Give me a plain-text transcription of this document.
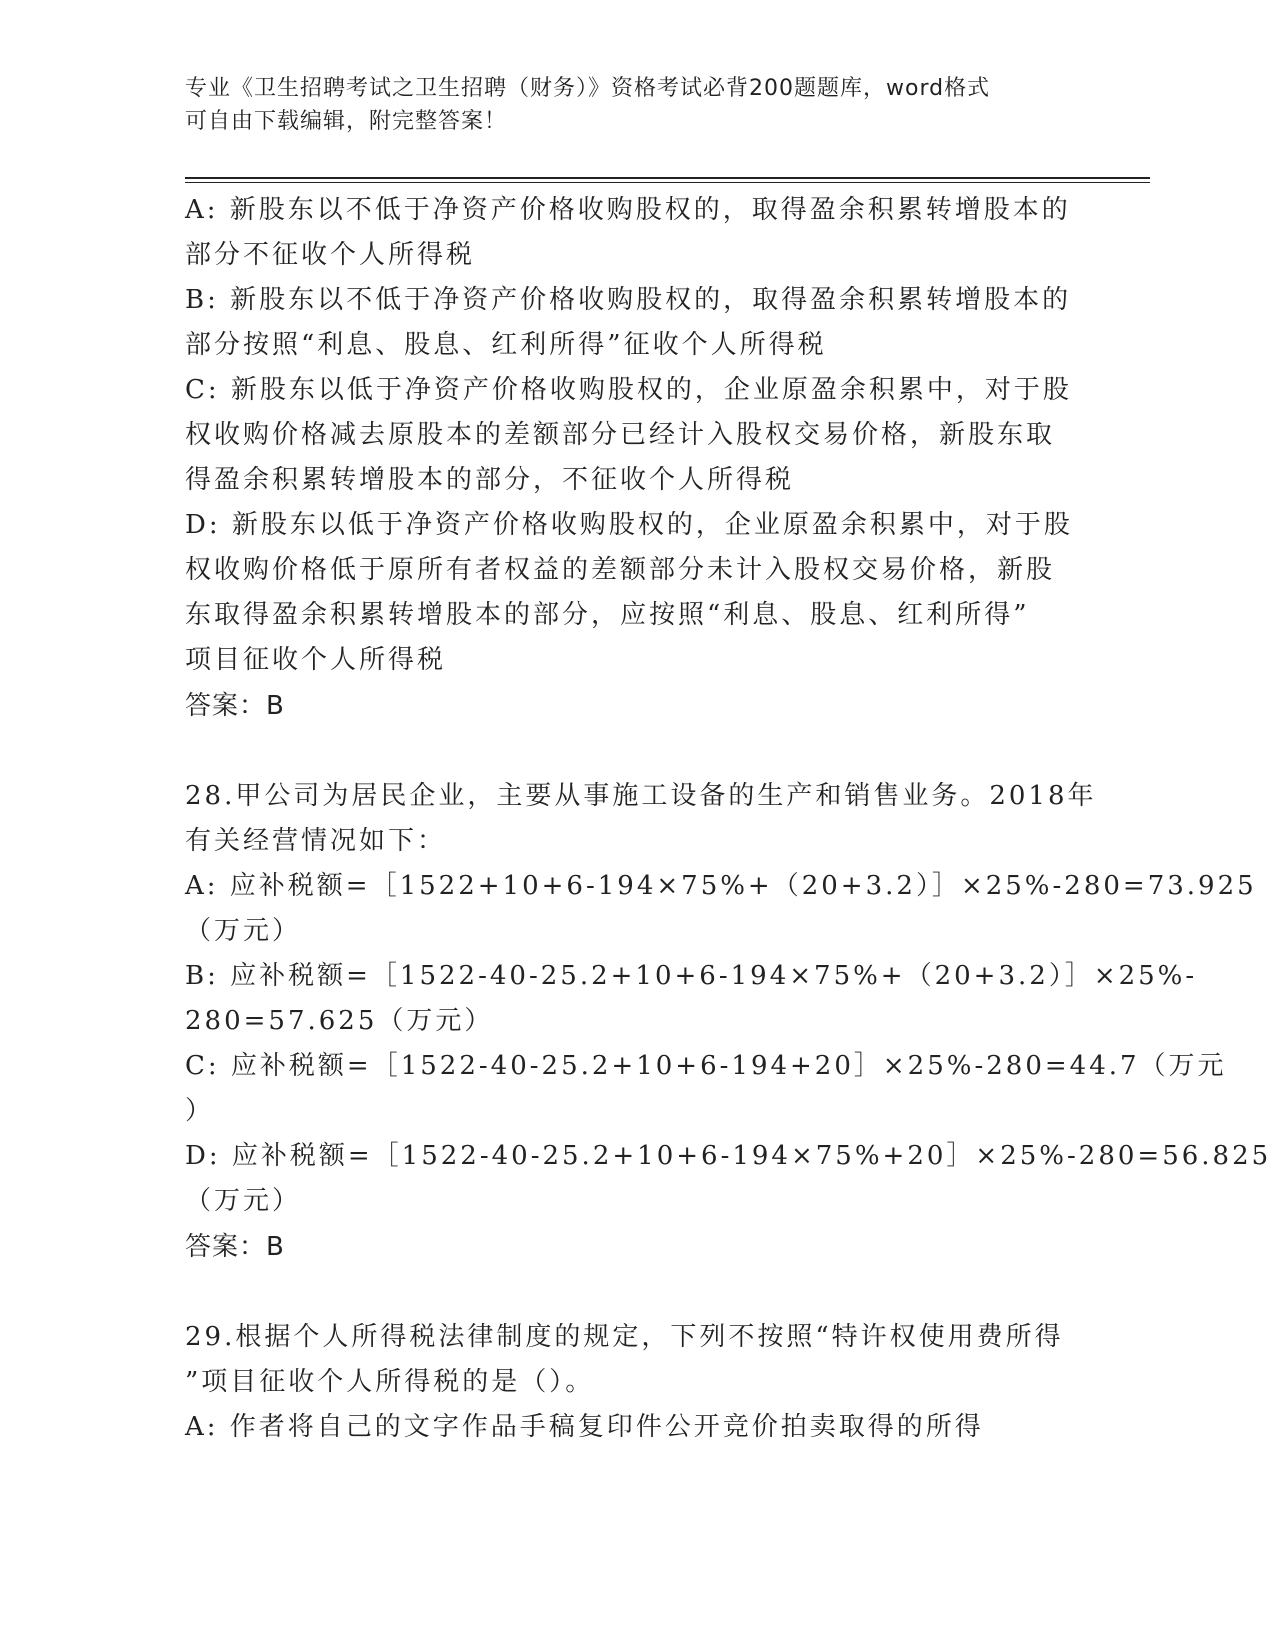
专业《卫生招聘考试之卫生招聘（财务）》资格考试必背200题题库，word格式
可自由下载编辑，附完整答案！
A: 新股东以不低于净资产价格收购股权的，取得盈余积累转增股本的
部分不征收个人所得税
B: 新股东以不低于净资产价格收购股权的，取得盈余积累转增股本的
部分按照“利息、股息、红利所得”征收个人所得税
C: 新股东以低于净资产价格收购股权的，企业原盈余积累中，对于股
权收购价格减去原股本的差额部分已经计入股权交易价格，新股东取
得盈余积累转增股本的部分，不征收个人所得税
D: 新股东以低于净资产价格收购股权的，企业原盈余积累中，对于股
权收购价格低于原所有者权益的差额部分未计入股权交易价格，新股
东取得盈余积累转增股本的部分，应按照“利息、股息、红利所得”
项目征收个人所得税
答案：B
28.甲公司为居民企业，主要从事施工设备的生产和销售业务。2018年
有关经营情况如下：
A: 应补税额=［1522+10+6-194×75%+（20+3.2）］×25%-280=73.925
（万元）
B: 应补税额=［1522-40-25.2+10+6-194×75%+（20+3.2）］×25%-
280=57.625（万元）
C: 应补税额=［1522-40-25.2+10+6-194+20］×25%-280=44.7（万元
）
D: 应补税额=［1522-40-25.2+10+6-194×75%+20］×25%-280=56.825
（万元）
答案：B
29.根据个人所得税法律制度的规定，下列不按照“特许权使用费所得
”项目征收个人所得税的是（）。
A: 作者将自己的文字作品手稿复印件公开竞价拍卖取得的所得
